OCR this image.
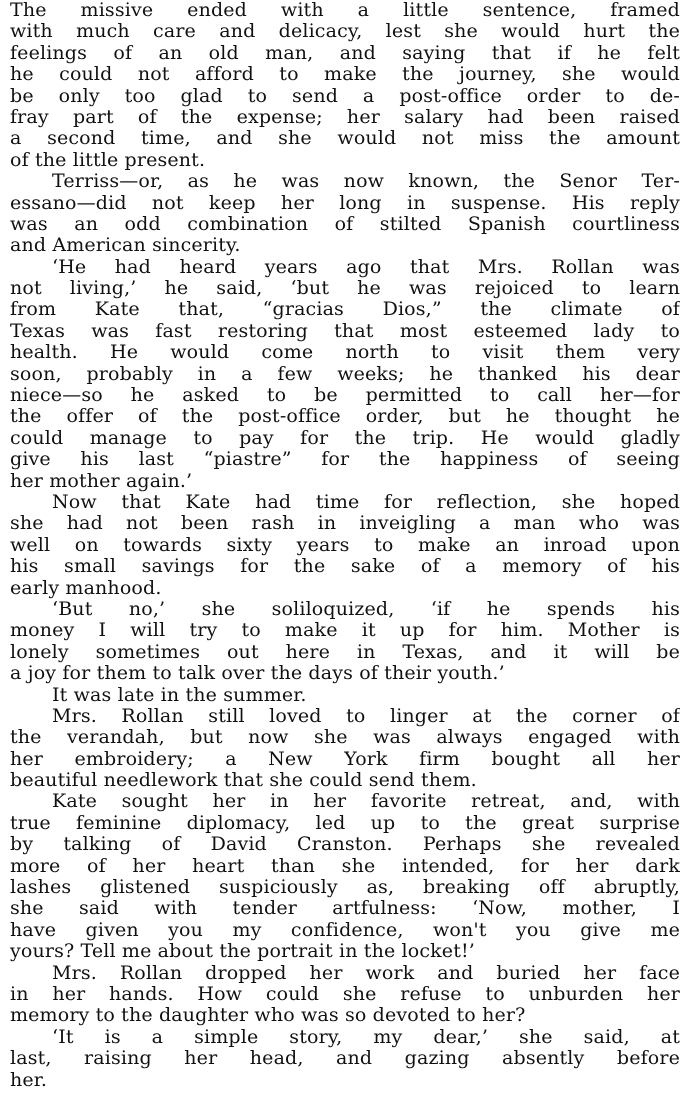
The missive ended with a little sentence, framed
with much care and delicacy, lest she would hurt the
feelings of an old man, and saying that if he felt
he could not afford to make the journey, she would
be only too glad to send a post-office order to de-
fray part of the expense; her salary had been raised
a second time, and she would not miss the amount
of the little present.
Terriss—or, as he was now known, the Senor Ter-
essano—did not keep her long in suspense. His reply
was an odd combination of stilted Spanish courtliness
and American sincerity.
‘He had heard years ago that Mrs. Rollan was
not living,’ he said, ‘but he was rejoiced to learn
from Kate that, “gracias Dios,” the climate of
Texas was fast restoring that most esteemed lady to
health. He would come north to visit them very
soon, probably in a few weeks; he thanked his dear
niece—so he asked to be permitted to call her—for
the offer of the post-office order, but he thought he
could manage to pay for the trip. He would gladly
give his last “piastre” for the happiness of seeing
her mother again.’
Now that Kate had time for reflection, she hoped
she had not been rash in inveigling a man who was
well on towards sixty years to make an inroad upon
his small savings for the sake of a memory of his
early manhood.
‘But no,’ she soliloquized, ‘if he spends his
money I will try to make it up for him. Mother is
lonely sometimes out here in Texas, and it will be
a joy for them to talk over the days of their youth.’
It was late in the summer.
Mrs. Rollan still loved to linger at the corner of
the verandah, but now she was always engaged with
her embroidery; a New York firm bought all her
beautiful needlework that she could send them.
Kate sought her in her favorite retreat, and, with
true feminine diplomacy, led up to the great surprise
by talking of David Cranston. Perhaps she revealed
more of her heart than she intended, for her dark
lashes glistened suspiciously as, breaking off abruptly,
she said with tender artfulness: ‘Now, mother, I
have given you my confidence, won't you give me
yours? Tell me about the portrait in the locket!’
Mrs. Rollan dropped her work and buried her face
in her hands. How could she refuse to unburden her
memory to the daughter who was so devoted to her?
‘It is a simple story, my dear,’ she said, at
last, raising her head, and gazing absently before
her.
